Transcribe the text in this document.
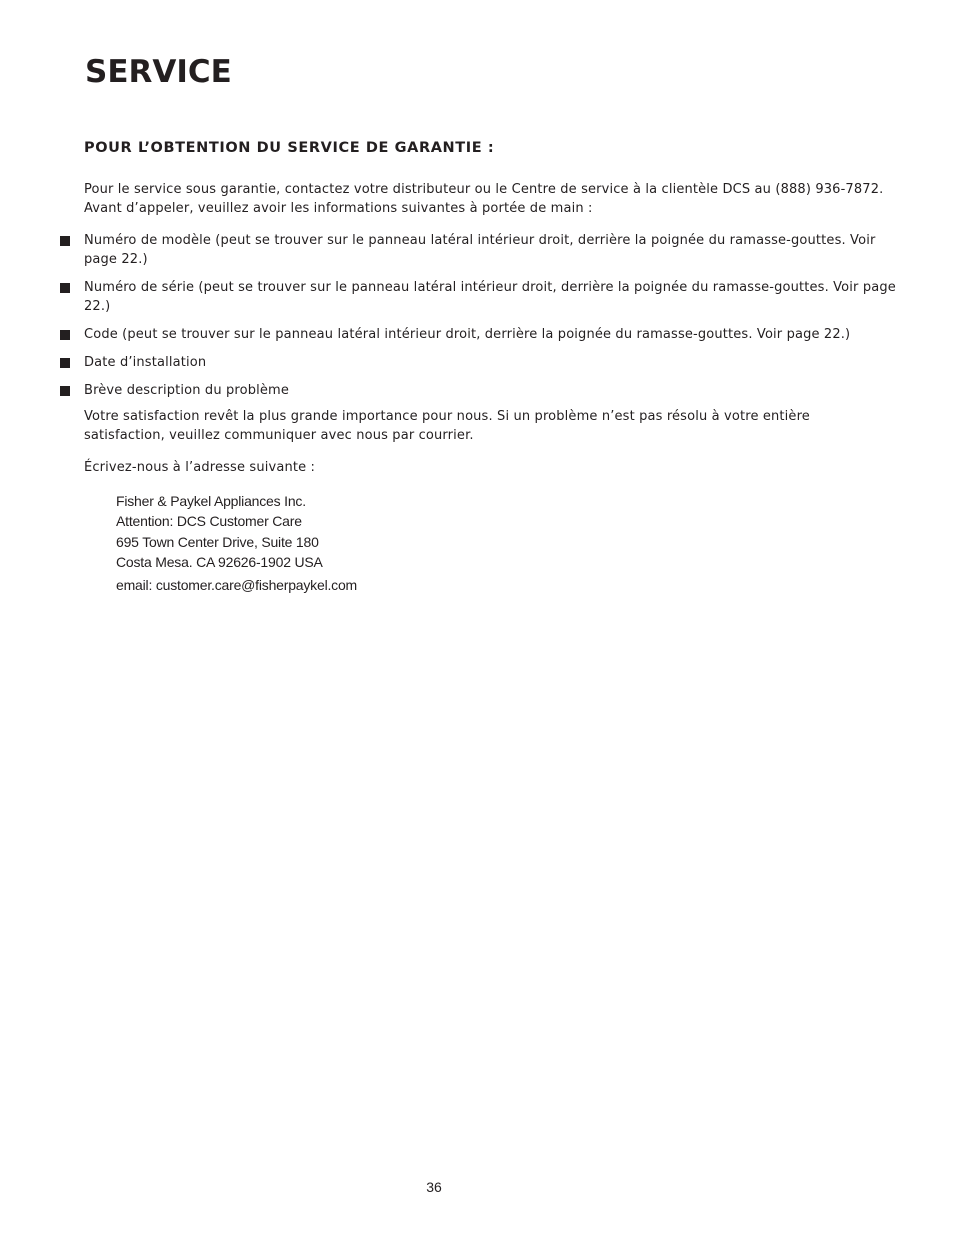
SERVICE
POUR L’OBTENTION DU SERVICE DE GARANTIE :

Pour le service sous garantie, contactez votre distributeur ou le Centre de service à la clientèle DCS au (888) 936-7872. Avant d’appeler, veuillez avoir les informations suivantes à portée de main :

Numéro de modèle (peut se trouver sur le panneau latéral intérieur droit, derrière la poignée du ramasse-gouttes. Voir page 22.)
Numéro de série (peut se trouver sur le panneau latéral intérieur droit, derrière la poignée du ramasse-gouttes. Voir page 22.)
Code (peut se trouver sur le panneau latéral intérieur droit, derrière la poignée du ramasse-gouttes. Voir page 22.)
Date d’installation
Brève description du problème

Votre satisfaction revêt la plus grande importance pour nous. Si un problème n’est pas résolu à votre entière satisfaction, veuillez communiquer avec nous par courrier.

Écrivez-nous à l’adresse suivante :

Fisher & Paykel Appliances Inc.
Attention: DCS Customer Care
695 Town Center Drive, Suite 180
Costa Mesa. CA 92626-1902 USA
email: customer.care@fisherpaykel.com
36
